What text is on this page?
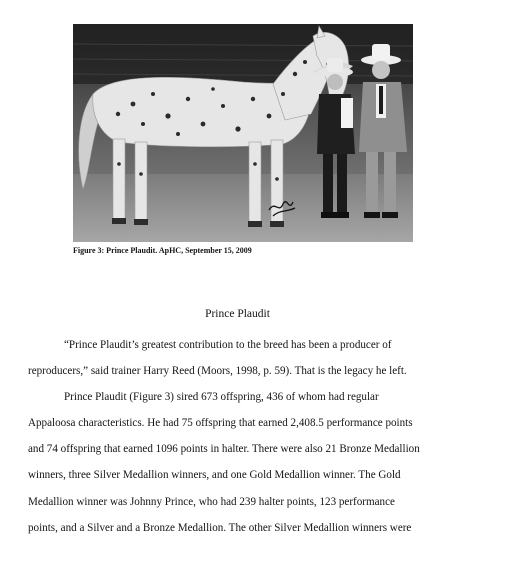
Figure 3: Prince Plaudit. ApHC, September 15, 2009
Prince Plaudit
“Prince Plaudit’s greatest contribution to the breed has been a producer of
reproducers,” said trainer Harry Reed (Moors, 1998, p. 59). That is the legacy he left.
Prince Plaudit (Figure 3) sired 673 offspring, 436 of whom had regular
Appaloosa characteristics. He had 75 offspring that earned 2,408.5 performance points
and 74 offspring that earned 1096 points in halter. There were also 21 Bronze Medallion
winners, three Silver Medallion winners, and one Gold Medallion winner. The Gold
Medallion winner was Johnny Prince, who had 239 halter points, 123 performance
points, and a Silver and a Bronze Medallion. The other Silver Medallion winners were
